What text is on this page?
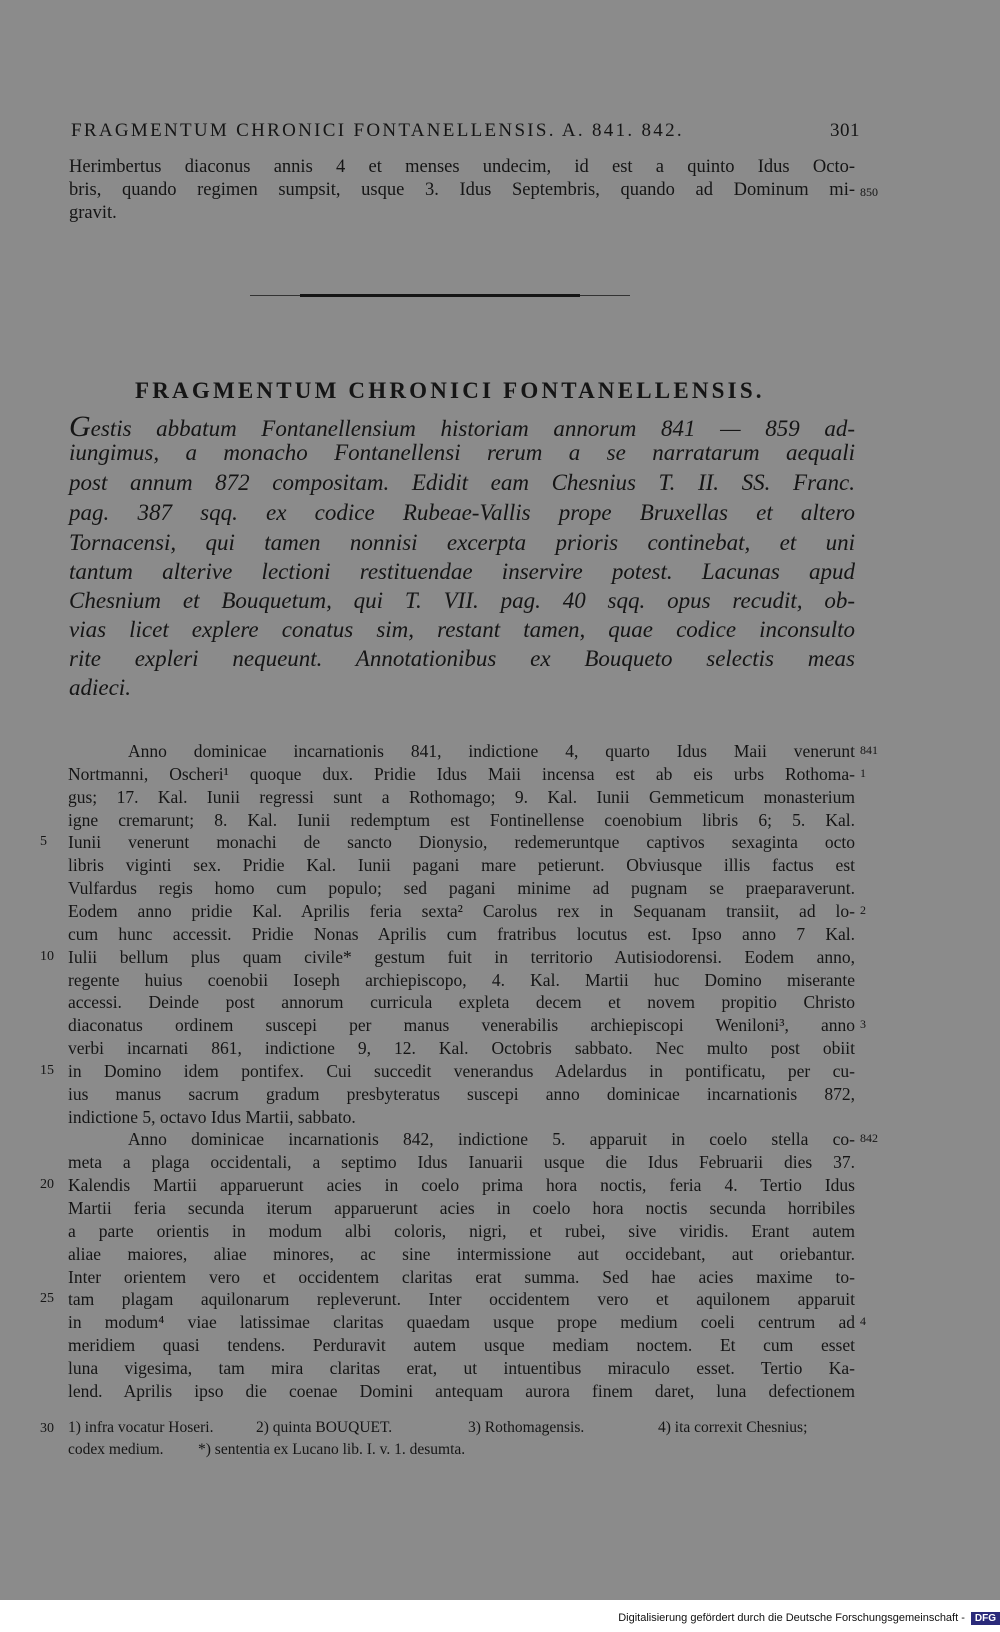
FRAGMENTUM CHRONICI FONTANELLENSIS. A. 841. 842.	301
Herimbertus diaconus annis 4 et menses undecim, id est a quinto Idus Octo-
bris, quando regimen sumpsit, usque 3. Idus Septembris, quando ad Dominum mi-
gravit.
850
FRAGMENTUM CHRONICI FONTANELLENSIS.
Gestis abbatum Fontanellensium historiam annorum 841 — 859 ad-
iungimus, a monacho Fontanellensi rerum a se narratarum aequali
post annum 872 compositam. Edidit eam Chesnius T. II. SS. Franc.
pag. 387 sqq. ex codice Rubeae-Vallis prope Bruxellas et altero
Tornacensi, qui tamen nonnisi excerpta prioris continebat, et uni
tantum alterive lectioni restituendae inservire potest. Lacunas apud
Chesnium et Bouquetum, qui T. VII. pag. 40 sqq. opus recudit, ob-
vias licet explere conatus sim, restant tamen, quae codice inconsulto
rite expleri nequeunt. Annotationibus ex Bouqueto selectis meas
adieci.
Anno dominicae incarnationis 841, indictione 4, quarto Idus Maii venerunt 841
Nortmanni, Oscheri¹ quoque dux. Pridie Idus Maii incensa est ab eis urbs Rothoma- 1
gus; 17. Kal. Iunii regressi sunt a Rothomago; 9. Kal. Iunii Gemmeticum monasterium
igne cremarunt; 8. Kal. Iunii redemptum est Fontinellense coenobium libris 6; 5. Kal.
Iunii venerunt monachi de sancto Dionysio, redemeruntque captivos sexaginta octo
5
libris viginti sex. Pridie Kal. Iunii pagani mare petierunt. Obviusque illis factus est
Vulfardus regis homo cum populo; sed pagani minime ad pugnam se praeparaverunt.
Eodem anno pridie Kal. Aprilis feria sexta² Carolus rex in Sequanam transiit, ad lo- 2
cum hunc accessit. Pridie Nonas Aprilis cum fratribus locutus est. Ipso anno 7 Kal.
Iulii bellum plus quam civile* gestum fuit in territorio Autisiodorensi. Eodem anno,
10
regente huius coenobii Ioseph archiepiscopo, 4. Kal. Martii huc Domino miserante
accessi. Deinde post annorum curricula expleta decem et novem propitio Christo
diaconatus ordinem suscepi per manus venerabilis archiepiscopi Weniloni³, anno 3
verbi incarnati 861, indictione 9, 12. Kal. Octobris sabbato. Nec multo post obiit
in Domino idem pontifex. Cui succedit venerandus Adelardus in pontificatu, per cu-
15
ius manus sacrum gradum presbyteratus suscepi anno dominicae incarnationis 872,
indictione 5, octavo Idus Martii, sabbato.
Anno dominicae incarnationis 842, indictione 5. apparuit in coelo stella co- 842
meta a plaga occidentali, a septimo Idus Ianuarii usque die Idus Februarii dies 37.
Kalendis Martii apparuerunt acies in coelo prima hora noctis, feria 4. Tertio Idus
20
Martii feria secunda iterum apparuerunt acies in coelo hora noctis secunda horribiles
a parte orientis in modum albi coloris, nigri, et rubei, sive viridis. Erant autem
aliae maiores, aliae minores, ac sine intermissione aut occidebant, aut oriebantur.
Inter orientem vero et occidentem claritas erat summa. Sed hae acies maxime to-
tam plagam aquilonarum repleverunt. Inter occidentem vero et aquilonem apparuit
25
in modum⁴ viae latissimae claritas quaedam usque prope medium coeli centrum ad 4
meridiem quasi tendens. Perduravit autem usque mediam noctem. Et cum esset
luna vigesima, tam mira claritas erat, ut intuentibus miraculo esset. Tertio Ka-
lend. Aprilis ipso die coenae Domini antequam aurora finem daret, luna defectionem
30 1) infra vocatur Hoseri.	2) quinta BOUQUET.	3) Rothomagensis.	4) ita correxit Chesnius;
codex medium. *) sententia ex Lucano lib. I. v. 1. desumta.
Digitalisierung gefördert durch die Deutsche Forschungsgemeinschaft -	DFG
